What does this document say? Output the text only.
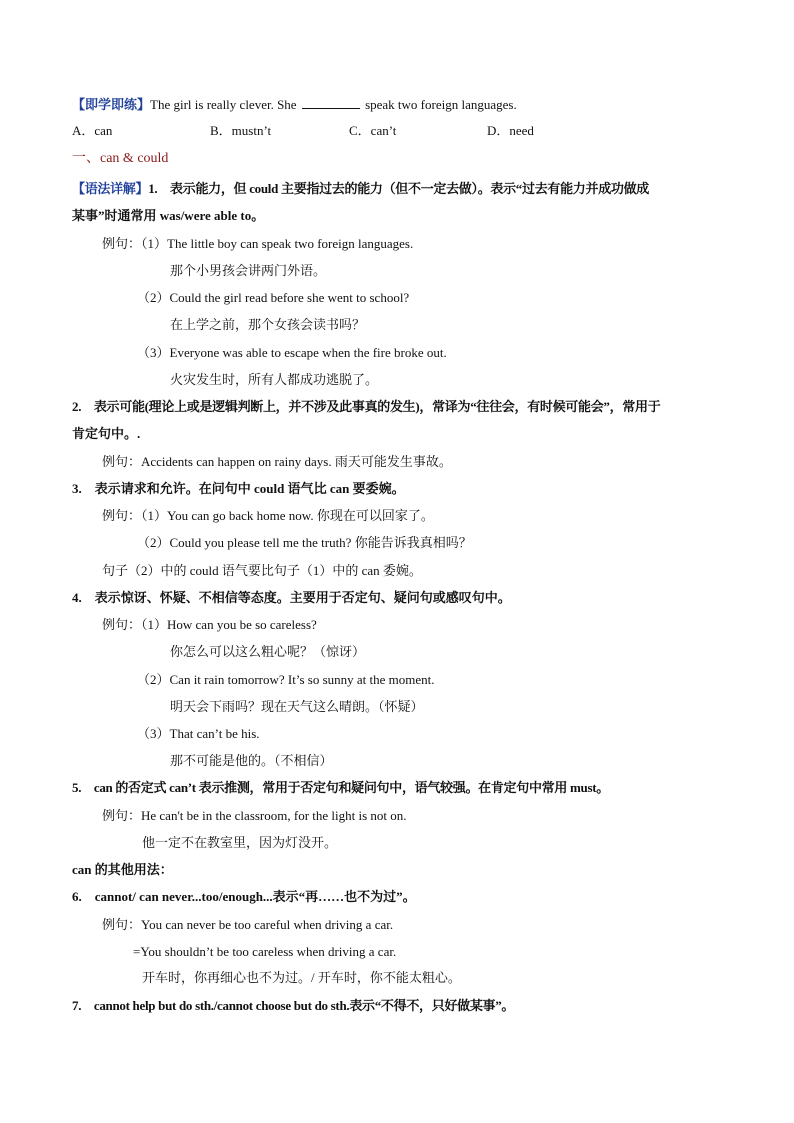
【即学即练】The girl is really clever. She	speak two foreign languages.
A．can	B．mustn’t	C．can’t	D．need
一、can & could
【语法详解】1.　表示能力，但 could 主要指过去的能力（但不一定去做）。表示“过去有能力并成功做成
某事”时通常用 was/were able to。
例句：（1）The little boy can speak two foreign languages.
那个小男孩会讲两门外语。
（2）Could the girl read before she went to school?
在上学之前，那个女孩会读书吗？
（3）Everyone was able to escape when the fire broke out.
火灾发生时，所有人都成功逃脱了。
2.　表示可能(理论上或是逻辑判断上，并不涉及此事真的发生)，常译为“往往会，有时候可能会”，常用于
肯定句中。.
例句：Accidents can happen on rainy days. 雨天可能发生事故。
3.　表示请求和允许。在问句中 could 语气比 can 要委婉。
例句：（1）You can go back home now. 你现在可以回家了。
（2）Could you please tell me the truth? 你能告诉我真相吗？
句子（2）中的 could 语气要比句子（1）中的 can 委婉。
4.　表示惊讶、怀疑、不相信等态度。主要用于否定句、疑问句或感叹句中。
例句：（1）How can you be so careless?
你怎么可以这么粗心呢？（惊讶）
（2）Can it rain tomorrow? It’s so sunny at the moment.
明天会下雨吗？现在天气这么晴朗。（怀疑）
（3）That can’t be his.
那不可能是他的。（不相信）
5.　can 的否定式 can’t 表示推测，常用于否定句和疑问句中，语气较强。在肯定句中常用 must。
例句：He can't be in the classroom, for the light is not on.
他一定不在教室里，因为灯没开。
can 的其他用法：
6.　cannot/ can never...too/enough...表示“再……也不为过”。
例句：You can never be too careful when driving a car.
=You shouldn’t be too careless when driving a car.
开车时，你再细心也不为过。/ 开车时，你不能太粗心。
7.　cannot help but do sth./cannot choose but do sth.表示“不得不，只好做某事”。
